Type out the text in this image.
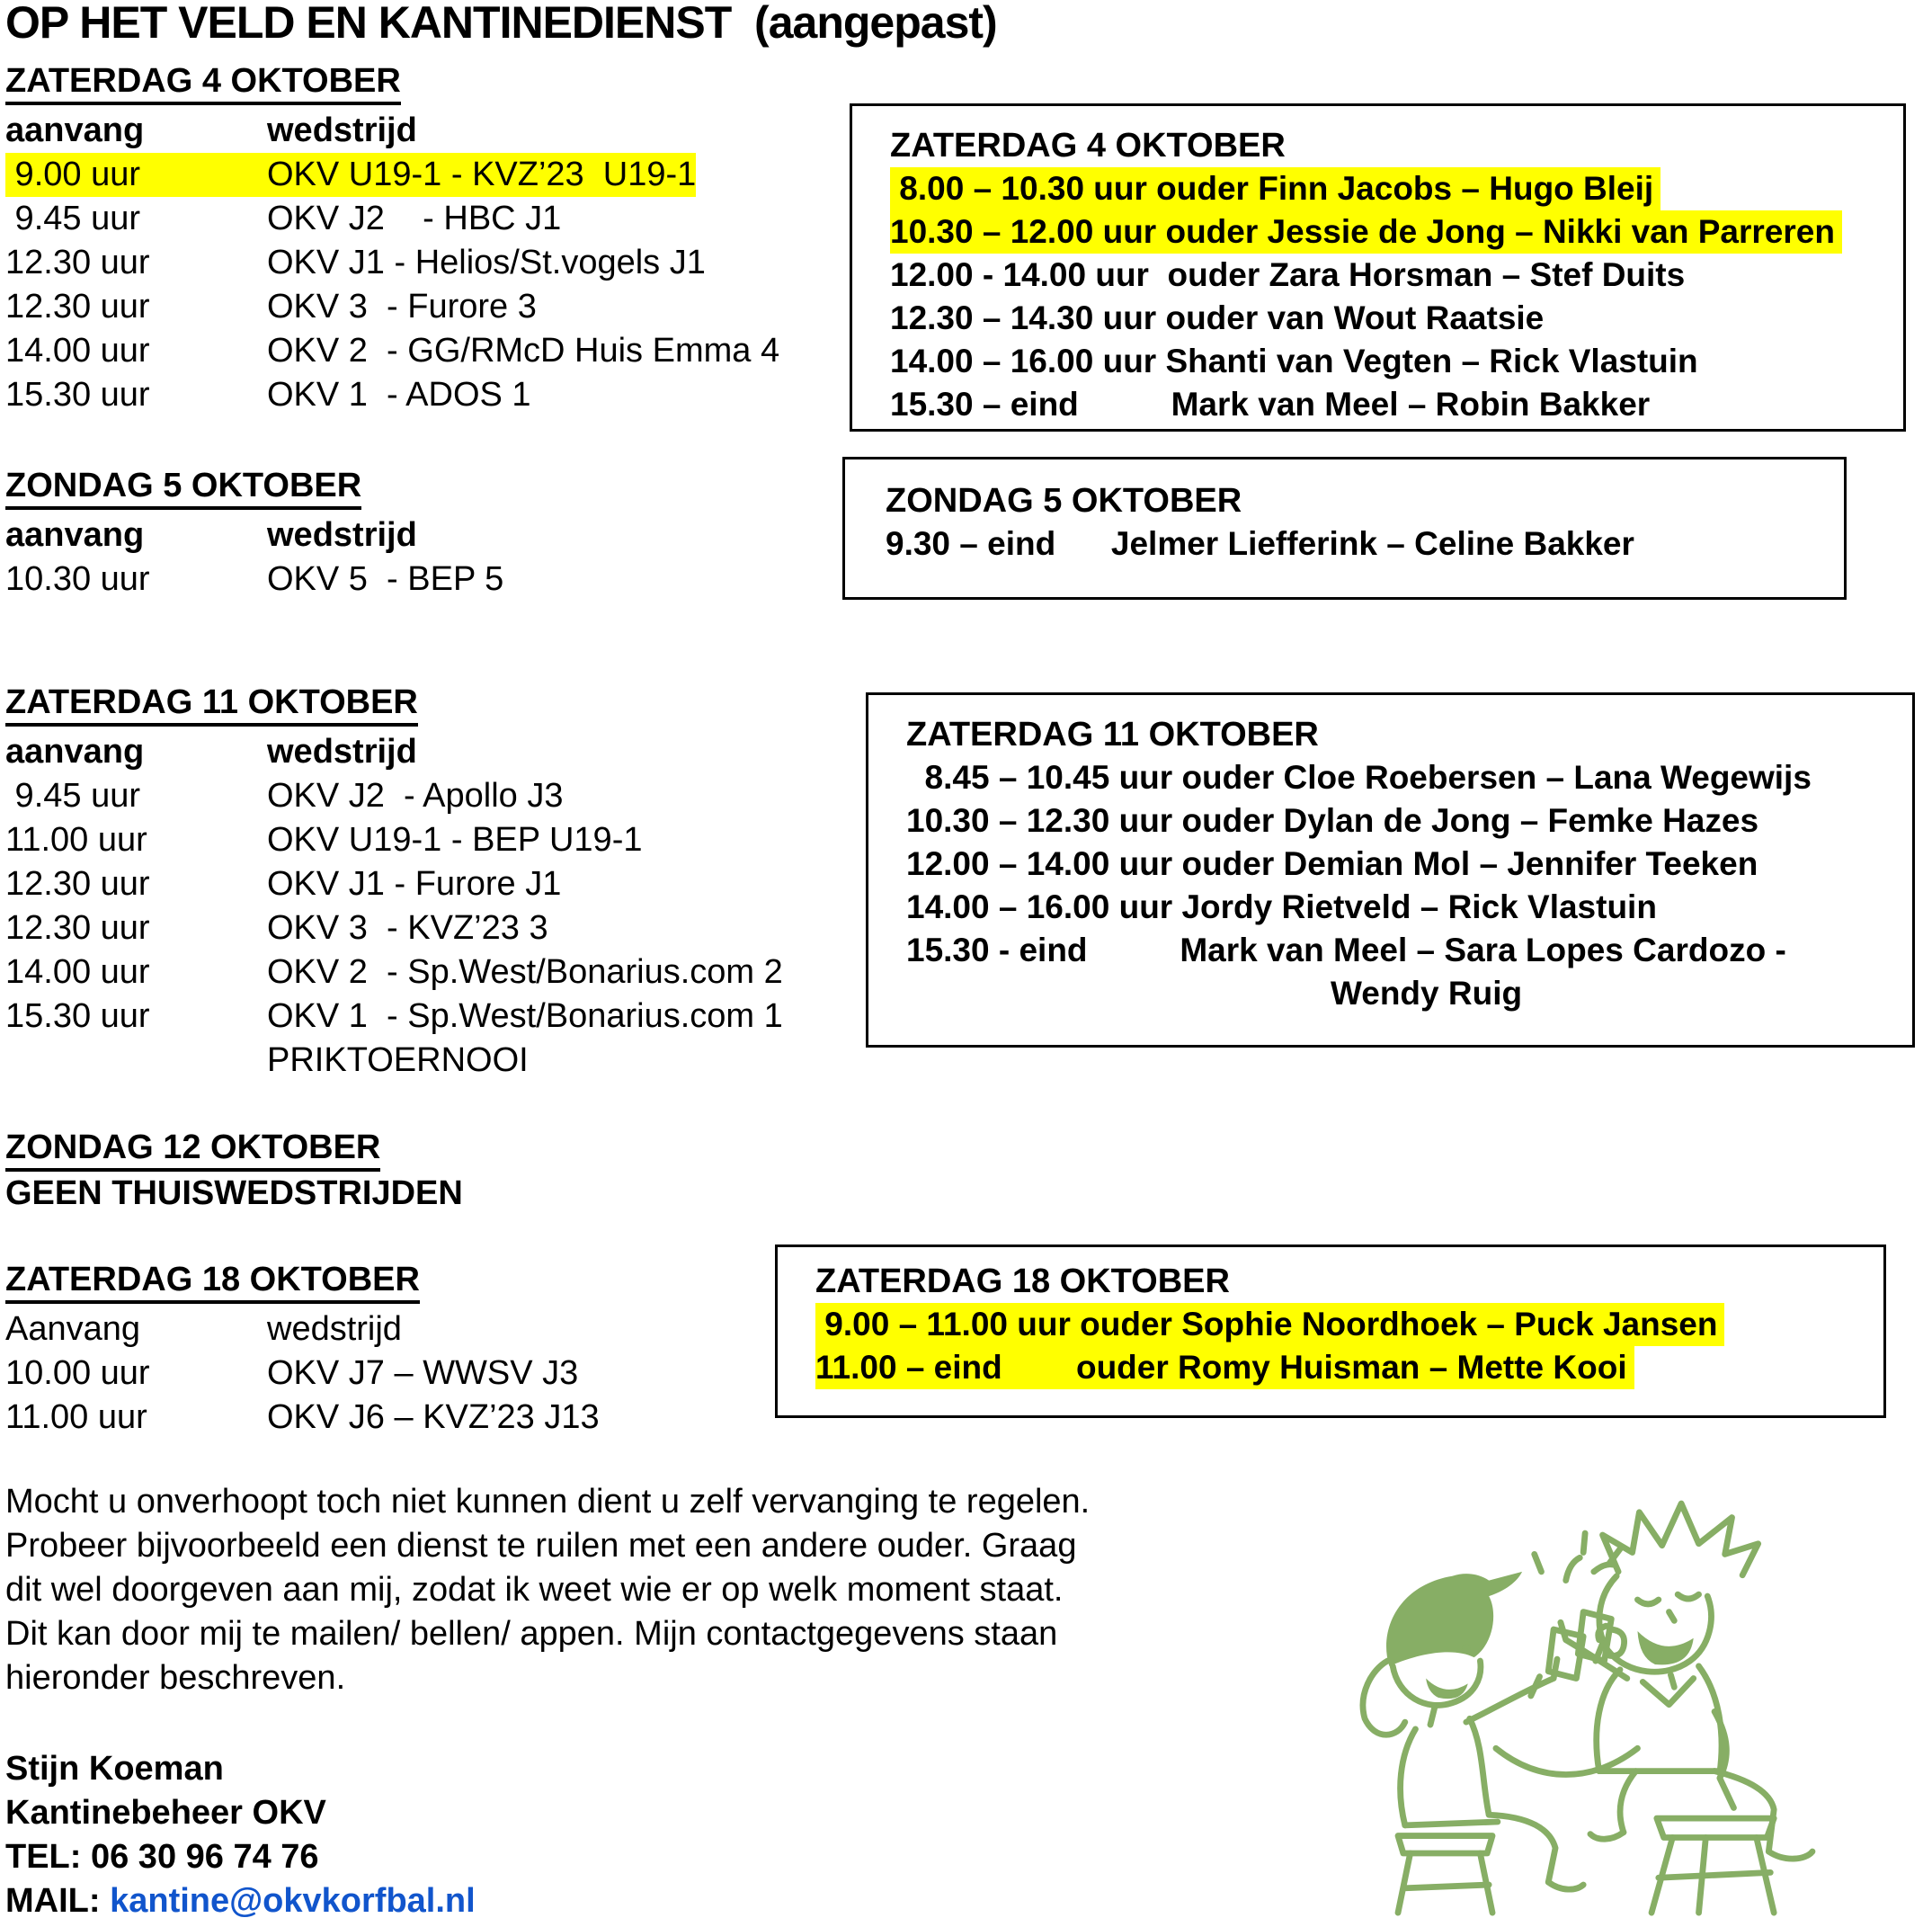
OP HET VELD EN KANTINEDIENST  (aangepast)
ZATERDAG 4 OKTOBER
aanvang	wedstrijd
9.00 uur	OKV U19-1 - KVZ’23  U19-1
9.45 uur	OKV J2    - HBC J1
12.30 uur	OKV J1 - Helios/St.vogels J1
12.30 uur	OKV 3  - Furore 3
14.00 uur	OKV 2  - GG/RMcD Huis Emma 4
15.30 uur	OKV 1  - ADOS 1
ZONDAG 5 OKTOBER
aanvang	wedstrijd
10.30 uur	OKV 5  - BEP 5
ZATERDAG 11 OKTOBER
aanvang	wedstrijd
9.45 uur	OKV J2  - Apollo J3
11.00 uur	OKV U19-1 - BEP U19-1
12.30 uur	OKV J1 - Furore J1
12.30 uur	OKV 3  - KVZ’23 3
14.00 uur	OKV 2  - Sp.West/Bonarius.com 2
15.30 uur	OKV 1  - Sp.West/Bonarius.com 1
PRIKTOERNOOI
ZONDAG 12 OKTOBER
GEEN THUISWEDSTRIJDEN
ZATERDAG 18 OKTOBER
Aanvang	wedstrijd
10.00 uur	OKV J7 – WWSV J3
11.00 uur	OKV J6 – KVZ’23 J13
ZATERDAG 4 OKTOBER
8.00 – 10.30 uur ouder Finn Jacobs – Hugo Bleij
10.30 – 12.00 uur ouder Jessie de Jong – Nikki van Parreren
12.00 - 14.00 uur  ouder Zara Horsman – Stef Duits
12.30 – 14.30 uur ouder van Wout Raatsie
14.00 – 16.00 uur Shanti van Vegten – Rick Vlastuin
15.30 – eind          Mark van Meel – Robin Bakker
ZONDAG 5 OKTOBER
9.30 – eind      Jelmer Liefferink – Celine Bakker
ZATERDAG 11 OKTOBER
8.45 – 10.45 uur ouder Cloe Roebersen – Lana Wegewijs
10.30 – 12.30 uur ouder Dylan de Jong – Femke Hazes
12.00 – 14.00 uur ouder Demian Mol – Jennifer Teeken
14.00 – 16.00 uur Jordy Rietveld – Rick Vlastuin
15.30 - eind          Mark van Meel – Sara Lopes Cardozo -
Wendy Ruig
ZATERDAG 18 OKTOBER
9.00 – 11.00 uur ouder Sophie Noordhoek – Puck Jansen
11.00 – eind        ouder Romy Huisman – Mette Kooi
Mocht u onverhoopt toch niet kunnen dient u zelf vervanging te regelen.
Probeer bijvoorbeeld een dienst te ruilen met een andere ouder. Graag
dit wel doorgeven aan mij, zodat ik weet wie er op welk moment staat.
Dit kan door mij te mailen/ bellen/ appen. Mijn contactgegevens staan
hieronder beschreven.
Stijn Koeman
Kantinebeheer OKV
TEL: 06 30 96 74 76
MAIL: kantine@okvkorfbal.nl
